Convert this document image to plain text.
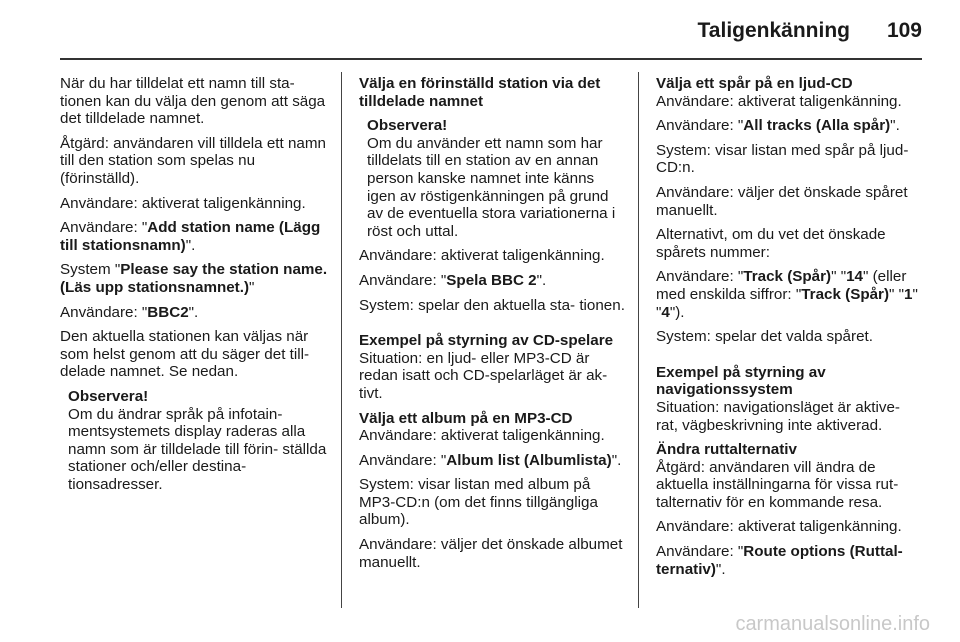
Taligenkänning 109

När du har tilldelat ett namn till sta- tionen kan du välja den genom att säga det tilldelade namnet.

Åtgärd: användaren vill tilldela ett namn till den station som spelas nu (förinställd).

Användare: aktiverat taligenkänning.

Användare: "Add station name (Lägg till stationsnamn)".

System "Please say the station name. (Läs upp stationsnamnet.)"

Användare: "BBC2".

Den aktuella stationen kan väljas när som helst genom att du säger det till- delade namnet. Se nedan.

Observera!
Om du ändrar språk på infotain- mentsystemets display raderas alla namn som är tilldelade till förin- ställda stationer och/eller destina- tionsadresser.

Välja en förinställd station via det tilldelade namnet

Observera!
Om du använder ett namn som har tilldelats till en station av en annan person kanske namnet inte känns igen av röstigenkänningen på grund av de eventuella stora variationerna i röst och uttal.

Användare: aktiverat taligenkänning.

Användare: "Spela BBC 2".

System: spelar den aktuella sta- tionen.

Exempel på styrning av CD-spelare

Situation: en ljud- eller MP3-CD är redan isatt och CD-spelarläget är ak- tivt.

Välja ett album på en MP3-CD

Användare: aktiverat taligenkänning.

Användare: "Album list (Albumlista)".

System: visar listan med album på MP3-CD:n (om det finns tillgängliga album).

Användare: väljer det önskade albumet manuellt.

Välja ett spår på en ljud-CD

Användare: aktiverat taligenkänning.

Användare: "All tracks (Alla spår)".

System: visar listan med spår på ljud-CD:n.

Användare: väljer det önskade spåret manuellt.

Alternativt, om du vet det önskade spårets nummer:

Användare: "Track (Spår)" "14" (eller med enskilda siffror: "Track (Spår)" "1" "4").

System: spelar det valda spåret.

Exempel på styrning av navigationssystem

Situation: navigationsläget är aktive- rat, vägbeskrivning inte aktiverad.

Ändra ruttalternativ

Åtgärd: användaren vill ändra de aktuella inställningarna för vissa rut- talternativ för en kommande resa.

Användare: aktiverat taligenkänning.

Användare: "Route options (Ruttal- ternativ)".

carmanualsonline.info
